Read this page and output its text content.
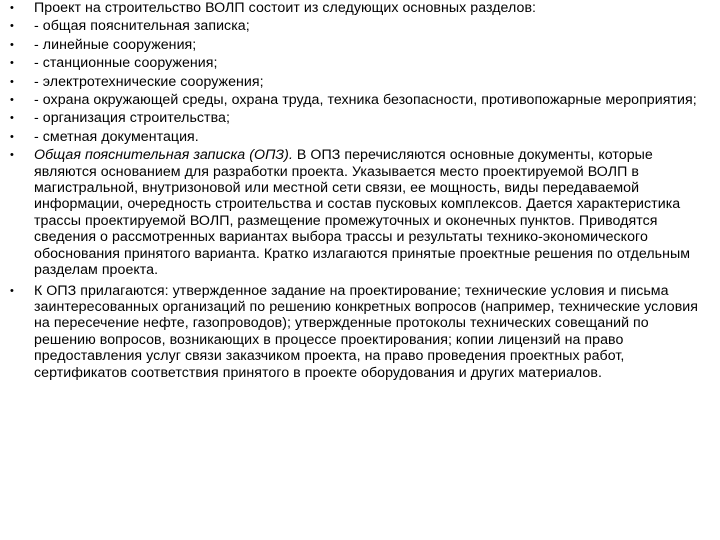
• Проект на строительство ВОЛП состоит из следующих основных разделов:
• - общая пояснительная записка;
• - линейные сооружения;
• - станционные сооружения;
• - электротехнические сооружения;
• - охрана окружающей среды, охрана труда, техника безопасности, противопожарные мероприятия;
• - организация строительства;
• - сметная документация.
• Общая пояснительная записка (ОПЗ). В ОПЗ перечисляются основные документы, которые являются основанием для разработки проекта. Указывается место проектируемой ВОЛП в магистральной, внутризоновой или местной сети связи, ее мощность, виды передаваемой информации, очередность строительства и состав пусковых комплексов. Дается характеристика трассы проектируемой ВОЛП, размещение промежуточных и оконечных пунктов. Приводятся сведения о рассмотренных вариантах выбора трассы и результаты технико-экономического обоснования принятого варианта. Кратко излагаются принятые проектные решения по отдельным разделам проекта.
• К ОПЗ прилагаются: утвержденное задание на проектирование; технические условия и письма заинтересованных организаций по решению конкретных вопросов (например, технические условия на пересечение нефте, газопроводов); утвержденные протоколы технических совещаний по решению вопросов, возникающих в процессе проектирования; копии лицензий на право предоставления услуг связи заказчиком проекта, на право проведения проектных работ, сертификатов соответствия принятого в проекте оборудования и других материалов.
